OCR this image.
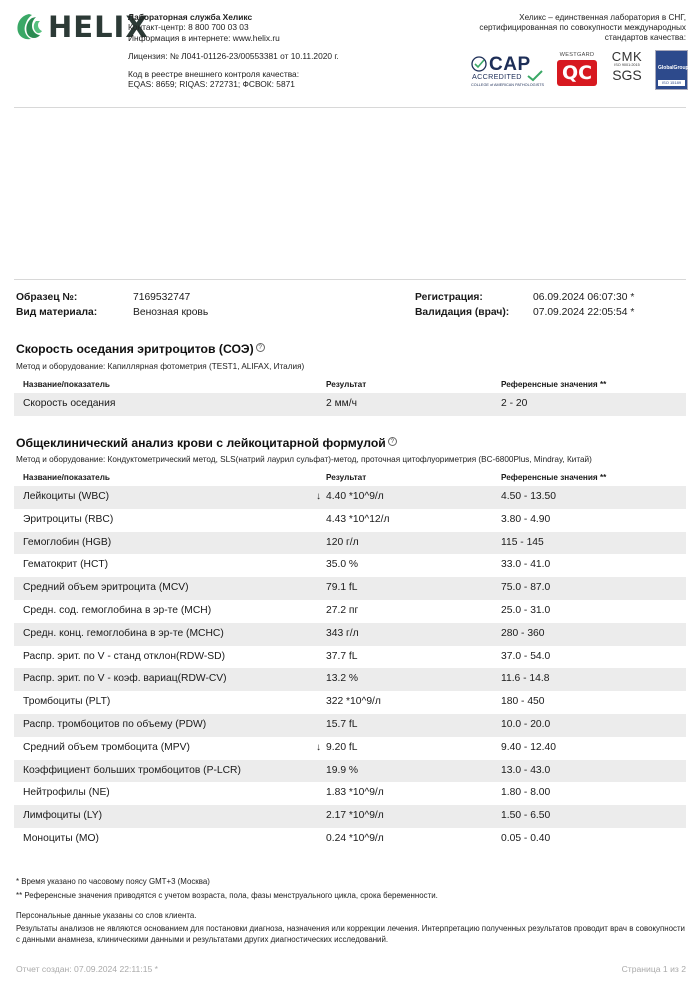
HELIX
Лабораторная служба Хеликс
Контакт-центр: 8 800 700 03 03
Информация в интернете: www.helix.ru
Лицензия: № Л041-01126-23/00553381 от 10.11.2020 г.
Код в реестре внешнего контроля качества:
EQAS: 8659; RIQAS: 272731; ФСВОК: 5871
Хеликс – единственная лаборатория в СНГ,
сертифицированная по совокупности международных
стандартов качества:
CAP
ACCREDITED
COLLEGE of AMERICAN PATHOLOGISTS
WESTGARD
QC
CMK
ISO 9001:2015
SGS	GlobalGroup
ISO 15189
Образец №:	7169532747	Регистрация:	06.09.2024 06:07:30 *
Вид материала:	Венозная кровь	Валидация (врач): 07.09.2024 22:05:54 *
Скорость оседания эритроцитов (СОЭ) ?
Метод и оборудование: Капиллярная фотометрия (TEST1, ALIFAX, Италия)
Название/показатель	Результат	Референсные значения **
Скорость оседания	2 мм/ч	2 - 20
Общеклинический анализ крови с лейкоцитарной формулой ?
Метод и оборудование: Кондуктометрический метод, SLS(натрий лаурил сульфат)-метод, проточная цитофлуориметрия (BC-6800Plus, Mindray, Китай)
Название/показатель	Результат	Референсные значения **
Лейкоциты (WBC)	↓ 4.40 *10^9/л	4.50 - 13.50
Эритроциты (RBC)	4.43 *10^12/л	3.80 - 4.90
Гемоглобин (HGB)	120 г/л	115 - 145
Гематокрит (HCT)	35.0 %	33.0 - 41.0
Средний объем эритроцита (MCV)	79.1 fL	75.0 - 87.0
Средн. сод. гемоглобина в эр-те (MCH)	27.2 пг	25.0 - 31.0
Средн. конц. гемоглобина в эр-те (MCHC)	343 г/л	280 - 360
Распр. эрит. по V - станд отклон(RDW-SD)	37.7 fL	37.0 - 54.0
Распр. эрит. по V - коэф. вариац(RDW-CV)	13.2 %	11.6 - 14.8
Тромбоциты (PLT)	322 *10^9/л	180 - 450
Распр. тромбоцитов по объему (PDW)	15.7 fL	10.0 - 20.0
Средний объем тромбоцита (MPV)	↓ 9.20 fL	9.40 - 12.40
Коэффициент больших тромбоцитов (P-LCR)	19.9 %	13.0 - 43.0
Нейтрофилы (NE)	1.83 *10^9/л	1.80 - 8.00
Лимфоциты (LY)	2.17 *10^9/л	1.50 - 6.50
Моноциты (MO)	0.24 *10^9/л	0.05 - 0.40
* Время указано по часовому поясу GMT+3 (Москва)
** Референсные значения приводятся с учетом возраста, пола, фазы менструального цикла, срока беременности.
Персональные данные указаны со слов клиента.
Результаты анализов не являются основанием для постановки диагноза, назначения или коррекции лечения. Интерпретацию полученных результатов проводит врач в совокупности с данными анамнеза, клиническими данными и результатами других диагностических исследований.
Отчет создан: 07.09.2024 22:11:15 *	Страница 1 из 2
